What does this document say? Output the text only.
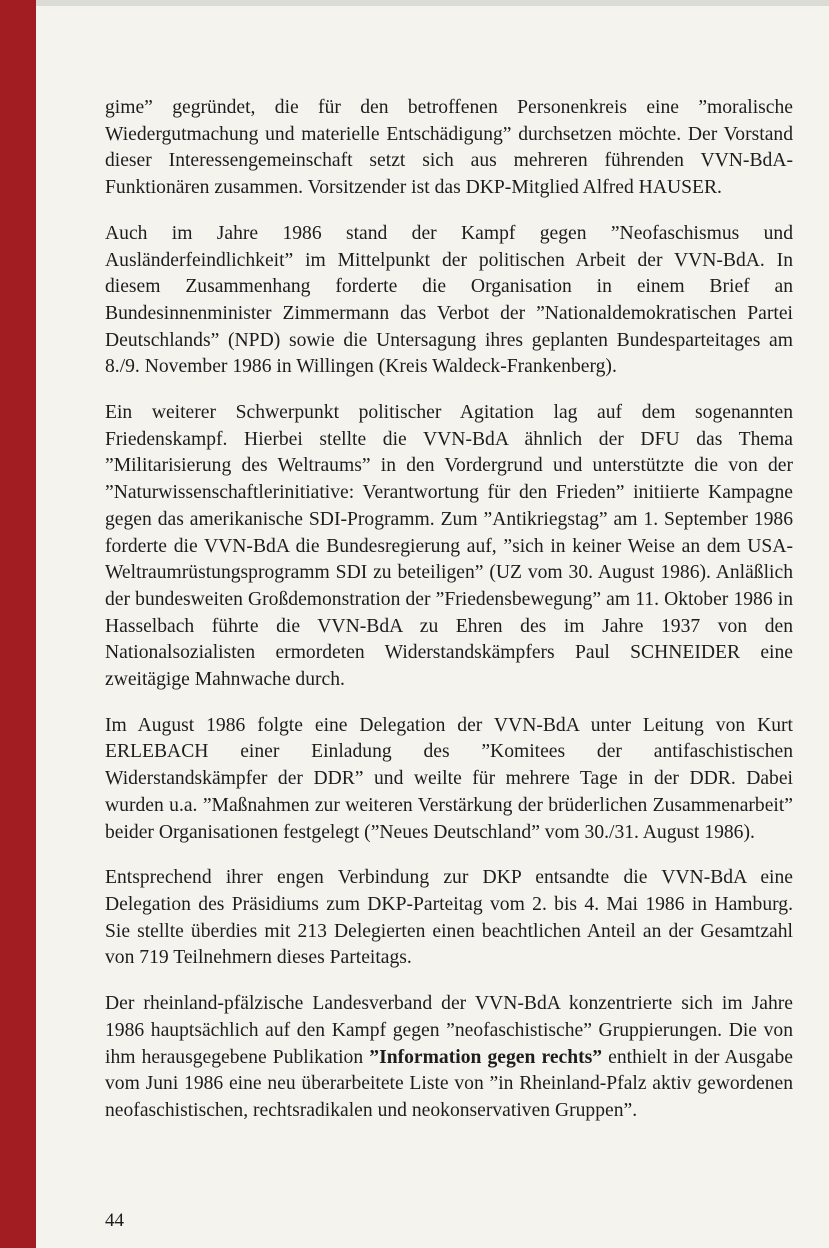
gime” gegründet, die für den betroffenen Personenkreis eine ”moralische Wiedergutmachung und materielle Entschädigung” durchsetzen möchte. Der Vorstand dieser Interessengemeinschaft setzt sich aus mehreren führenden VVN-BdA-Funktionären zusammen. Vorsitzender ist das DKP-Mitglied Alfred HAUSER.

Auch im Jahre 1986 stand der Kampf gegen ”Neofaschismus und Ausländerfeindlichkeit” im Mittelpunkt der politischen Arbeit der VVN-BdA. In diesem Zusammenhang forderte die Organisation in einem Brief an Bundesinnenminister Zimmermann das Verbot der ”Nationaldemokratischen Partei Deutschlands” (NPD) sowie die Untersagung ihres geplanten Bundesparteitages am 8./9. November 1986 in Willingen (Kreis Waldeck-Frankenberg).

Ein weiterer Schwerpunkt politischer Agitation lag auf dem sogenannten Friedenskampf. Hierbei stellte die VVN-BdA ähnlich der DFU das Thema ”Militarisierung des Weltraums” in den Vordergrund und unterstützte die von der ”Naturwissenschaftlerinitiative: Verantwortung für den Frieden” initiierte Kampagne gegen das amerikanische SDI-Programm. Zum ”Antikriegstag” am 1. September 1986 forderte die VVN-BdA die Bundesregierung auf, ”sich in keiner Weise an dem USA-Weltraumrüstungsprogramm SDI zu beteiligen” (UZ vom 30. August 1986). Anläßlich der bundesweiten Großdemonstration der ”Friedensbewegung” am 11. Oktober 1986 in Hasselbach führte die VVN-BdA zu Ehren des im Jahre 1937 von den Nationalsozialisten ermordeten Widerstandskämpfers Paul SCHNEIDER eine zweitägige Mahnwache durch.

Im August 1986 folgte eine Delegation der VVN-BdA unter Leitung von Kurt ERLEBACH einer Einladung des ”Komitees der antifaschistischen Widerstandskämpfer der DDR” und weilte für mehrere Tage in der DDR. Dabei wurden u.a. ”Maßnahmen zur weiteren Verstärkung der brüderlichen Zusammenarbeit” beider Organisationen festgelegt (”Neues Deutschland” vom 30./31. August 1986).

Entsprechend ihrer engen Verbindung zur DKP entsandte die VVN-BdA eine Delegation des Präsidiums zum DKP-Parteitag vom 2. bis 4. Mai 1986 in Hamburg. Sie stellte überdies mit 213 Delegierten einen beachtlichen Anteil an der Gesamtzahl von 719 Teilnehmern dieses Parteitags.

Der rheinland-pfälzische Landesverband der VVN-BdA konzentrierte sich im Jahre 1986 hauptsächlich auf den Kampf gegen ”neofaschistische” Gruppierungen. Die von ihm herausgegebene Publikation ”Information gegen rechts” enthielt in der Ausgabe vom Juni 1986 eine neu überarbeitete Liste von ”in Rheinland-Pfalz aktiv gewordenen neofaschistischen, rechtsradikalen und neokonservativen Gruppen”.

44
